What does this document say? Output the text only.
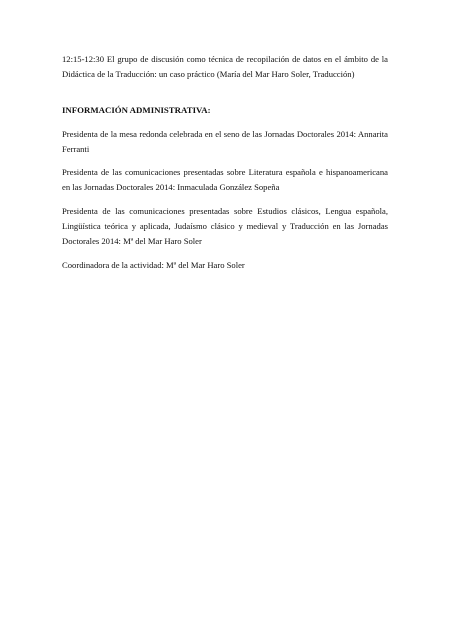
12:15-12:30 El grupo de discusión como técnica de recopilación de datos en el ámbito de la Didáctica de la Traducción: un caso práctico (María del Mar Haro Soler, Traducción)

INFORMACIÓN ADMINISTRATIVA:

Presidenta de la mesa redonda celebrada en el seno de las Jornadas Doctorales 2014: Annarita Ferranti

Presidenta de las comunicaciones presentadas sobre Literatura española e hispanoamericana en las Jornadas Doctorales 2014: Inmaculada González Sopeña

Presidenta de las comunicaciones presentadas sobre Estudios clásicos, Lengua española, Lingüística teórica y aplicada, Judaísmo clásico y medieval y Traducción en las Jornadas Doctorales 2014: Mª del Mar Haro Soler

Coordinadora de la actividad: Mª del Mar Haro Soler
